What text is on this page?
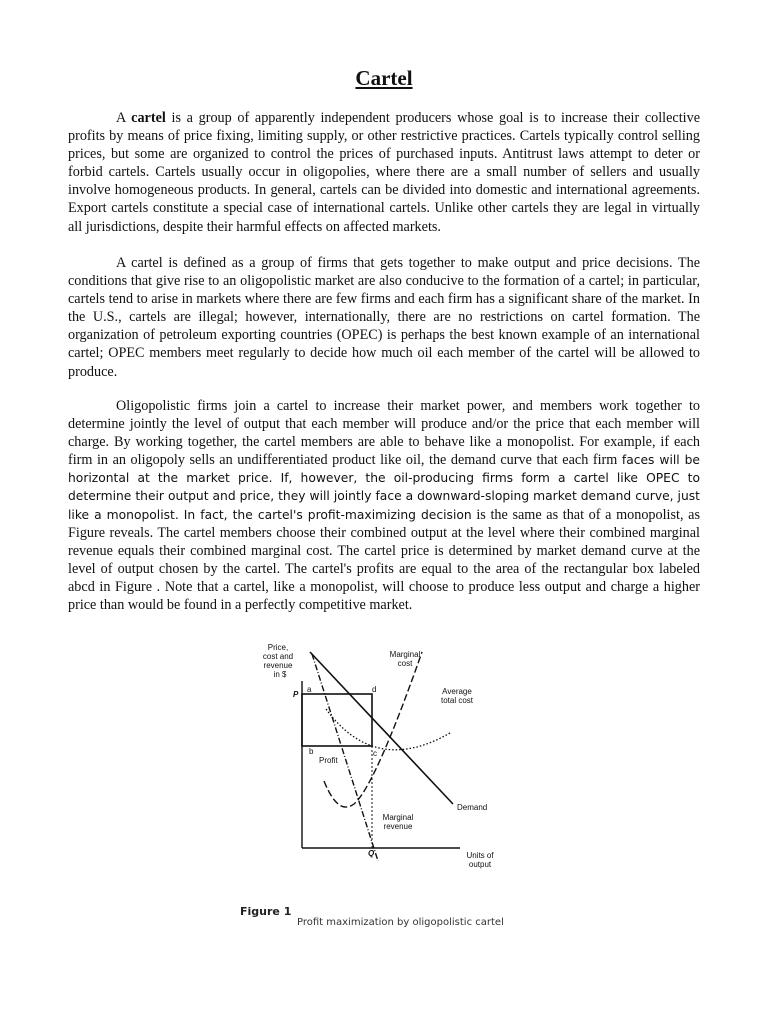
Cartel

A cartel is a group of apparently independent producers whose goal is to increase their collective profits by means of price fixing, limiting supply, or other restrictive practices. Cartels typically control selling prices, but some are organized to control the prices of purchased inputs. Antitrust laws attempt to deter or forbid cartels. Cartels usually occur in oligopolies, where there are a small number of sellers and usually involve homogeneous products. In general, cartels can be divided into domestic and international agreements. Export cartels constitute a special case of international cartels. Unlike other cartels they are legal in virtually all jurisdictions, despite their harmful effects on affected markets.

A cartel is defined as a group of firms that gets together to make output and price decisions. The conditions that give rise to an oligopolistic market are also conducive to the formation of a cartel; in particular, cartels tend to arise in markets where there are few firms and each firm has a significant share of the market. In the U.S., cartels are illegal; however, internationally, there are no restrictions on cartel formation. The organization of petroleum exporting countries (OPEC) is perhaps the best known example of an international cartel; OPEC members meet regularly to decide how much oil each member of the cartel will be allowed to produce.

Oligopolistic firms join a cartel to increase their market power, and members work together to determine jointly the level of output that each member will produce and/or the price that each member will charge. By working together, the cartel members are able to behave like a monopolist. For example, if each firm in an oligopoly sells an undifferentiated product like oil, the demand curve that each firm faces will be horizontal at the market price. If, however, the oil-producing firms form a cartel like OPEC to determine their output and price, they will jointly face a downward-sloping market demand curve, just like a monopolist. In fact, the cartel's profit-maximizing decision is the same as that of a monopolist, as Figure reveals. The cartel members choose their combined output at the level where their combined marginal revenue equals their combined marginal cost. The cartel price is determined by market demand curve at the level of output chosen by the cartel. The cartel's profits are equal to the area of the rectangular box labeled abcd in Figure . Note that a cartel, like a monopolist, will choose to produce less output and charge a higher price than would be found in a perfectly competitive market.

Price,
cost and
revenue
in $
P
a	d
b	c
Profit
Marginal
cost
Average
total cost
Demand
Marginal
revenue
Q	Units of
output
Figure 1
Profit maximization by oligopolistic cartel
